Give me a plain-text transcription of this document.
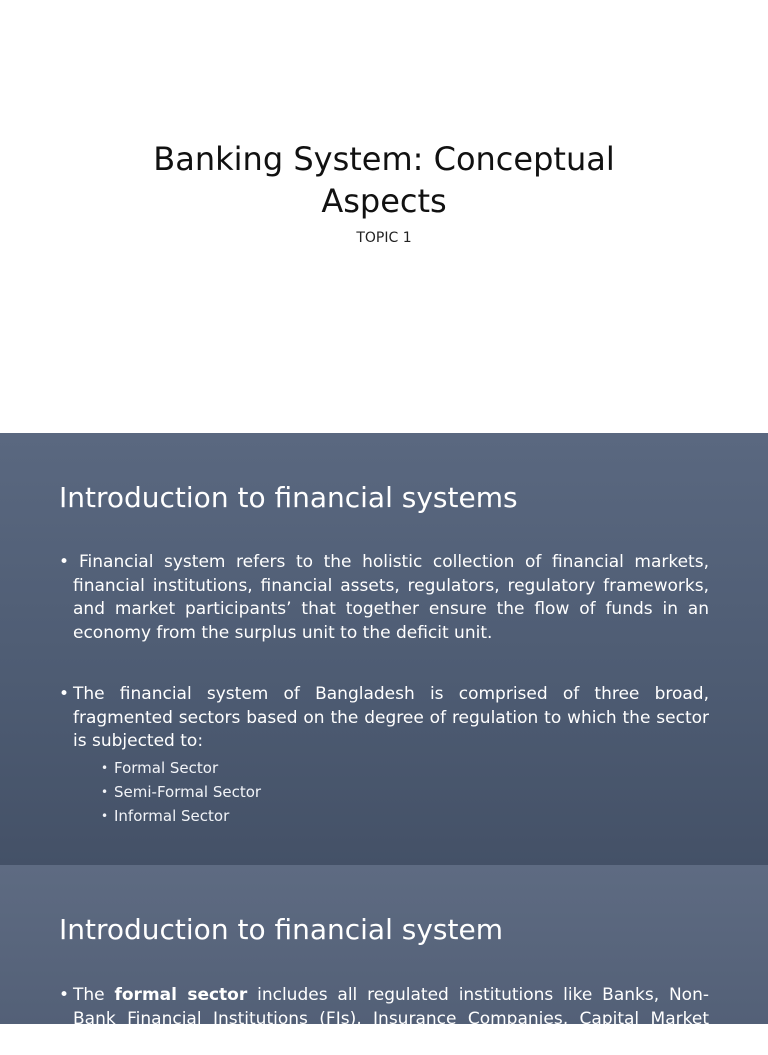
Banking System: Conceptual
Aspects
TOPIC 1
Introduction to financial systems
• Financial system refers to the holistic collection of financial markets, financial institutions, financial assets, regulators, regulatory frameworks, and market participants’ that together ensure the flow of funds in an economy from the surplus unit to the deficit unit.
• The financial system of Bangladesh is comprised of three broad, fragmented sectors based on the degree of regulation to which the sector is subjected to:
• Formal Sector
• Semi-Formal Sector
• Informal Sector
Introduction to financial system
• The formal sector includes all regulated institutions like Banks, Non-Bank Financial Institutions (FIs), Insurance Companies, Capital Market Intermediaries
